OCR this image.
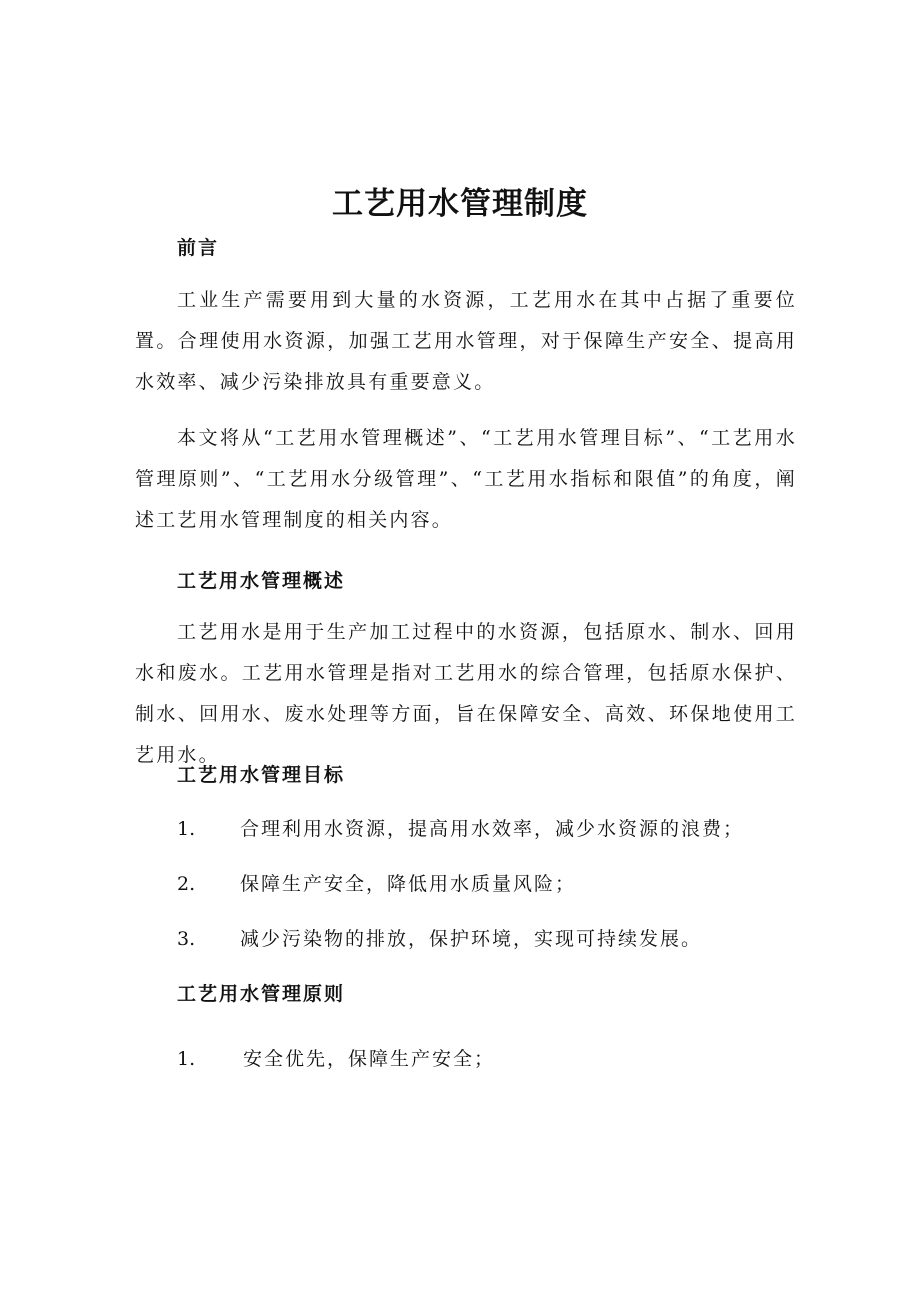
工艺用水管理制度
前言

工业生产需要用到大量的水资源，工艺用水在其中占据了重要位置。合理使用水资源，加强工艺用水管理，对于保障生产安全、提高用水效率、减少污染排放具有重要意义。

本文将从“工艺用水管理概述”、“工艺用水管理目标”、“工艺用水管理原则”、“工艺用水分级管理”、“工艺用水指标和限值”的角度，阐述工艺用水管理制度的相关内容。

工艺用水管理概述

工艺用水是用于生产加工过程中的水资源，包括原水、制水、回用水和废水。工艺用水管理是指对工艺用水的综合管理，包括原水保护、制水、回用水、废水处理等方面，旨在保障安全、高效、环保地使用工艺用水。

工艺用水管理目标
1. 合理利用水资源，提高用水效率，减少水资源的浪费；
2. 保障生产安全，降低用水质量风险；
3. 减少污染物的排放，保护环境，实现可持续发展。
工艺用水管理原则
1.	安全优先，保障生产安全；
